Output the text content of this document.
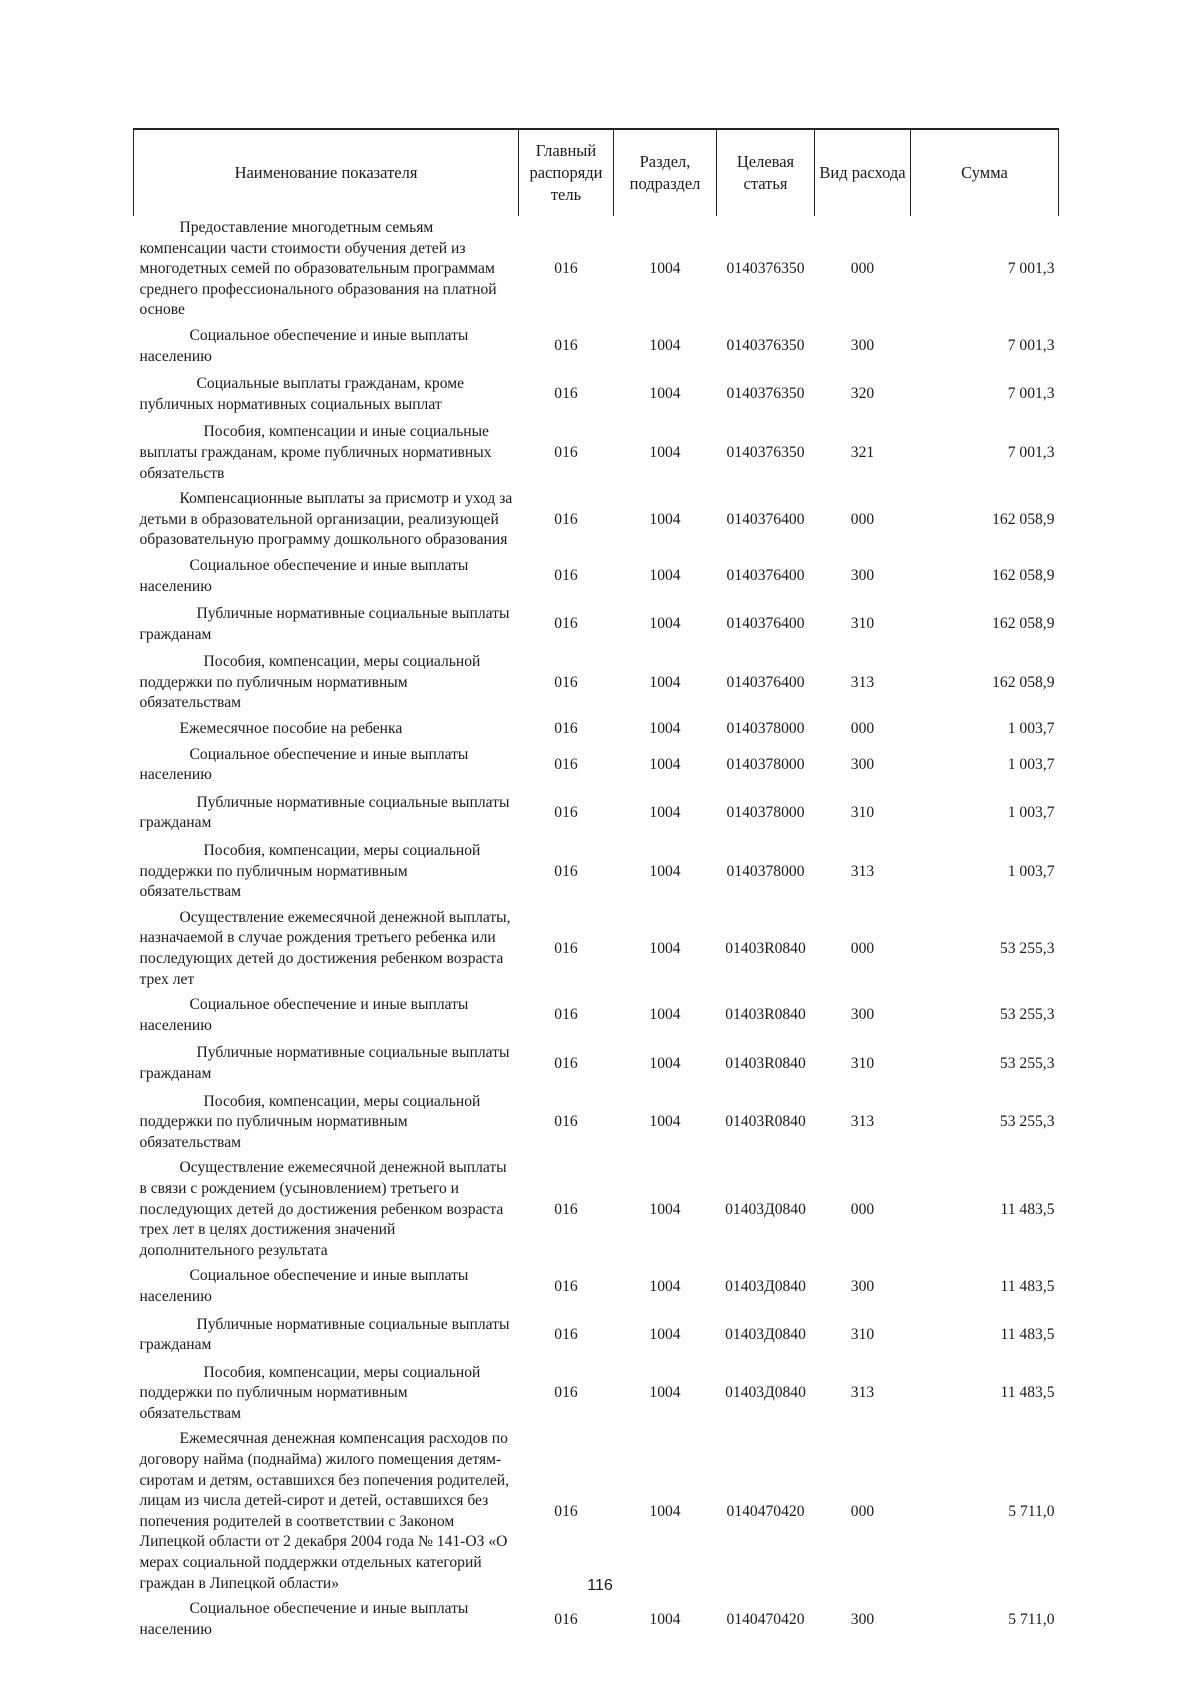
Наименование показателя	Главный распоряди тель	Раздел, подраздел	Целевая статья	Вид расхода	Сумма

Предоставление многодетным семьям компенсации части стоимости обучения детей из многодетных семей по образовательным программам среднего профессионального образования на платной основе	016	1004	0140376350	000	7 001,3

Социальное обеспечение и иные выплаты населению	016	1004	0140376350	300	7 001,3

Социальные выплаты гражданам, кроме публичных нормативных социальных выплат	016	1004	0140376350	320	7 001,3

Пособия, компенсации и иные социальные выплаты гражданам, кроме публичных нормативных обязательств	016	1004	0140376350	321	7 001,3

Компенсационные выплаты за присмотр и уход за детьми в образовательной организации, реализующей образовательную программу дошкольного образования	016	1004	0140376400	000	162 058,9

Социальное обеспечение и иные выплаты населению	016	1004	0140376400	300	162 058,9

Публичные нормативные социальные выплаты гражданам	016	1004	0140376400	310	162 058,9

Пособия, компенсации, меры социальной поддержки по публичным нормативным обязательствам	016	1004	0140376400	313	162 058,9

Ежемесячное пособие на ребенка	016	1004	0140378000	000	1 003,7

Социальное обеспечение и иные выплаты населению	016	1004	0140378000	300	1 003,7

Публичные нормативные социальные выплаты гражданам	016	1004	0140378000	310	1 003,7

Пособия, компенсации, меры социальной поддержки по публичным нормативным обязательствам	016	1004	0140378000	313	1 003,7

Осуществление ежемесячной денежной выплаты, назначаемой в случае рождения третьего ребенка или последующих детей до достижения ребенком возраста трех лет	016	1004	01403R0840	000	53 255,3

Социальное обеспечение и иные выплаты населению	016	1004	01403R0840	300	53 255,3

Публичные нормативные социальные выплаты гражданам	016	1004	01403R0840	310	53 255,3

Пособия, компенсации, меры социальной поддержки по публичным нормативным обязательствам	016	1004	01403R0840	313	53 255,3

Осуществление ежемесячной денежной выплаты в связи с рождением (усыновлением) третьего и последующих детей до достижения ребенком возраста трех лет в целях достижения значений дополнительного результата	016	1004	01403Д0840	000	11 483,5

Социальное обеспечение и иные выплаты населению	016	1004	01403Д0840	300	11 483,5

Публичные нормативные социальные выплаты гражданам	016	1004	01403Д0840	310	11 483,5

Пособия, компенсации, меры социальной поддержки по публичным нормативным обязательствам	016	1004	01403Д0840	313	11 483,5

Ежемесячная денежная компенсация расходов по договору найма (поднайма) жилого помещения детям-сиротам и детям, оставшихся без попечения родителей, лицам из числа детей-сирот и детей, оставшихся без попечения родителей в соответствии с Законом Липецкой области от 2 декабря 2004 года № 141-ОЗ «О мерах социальной поддержки отдельных категорий граждан в Липецкой области»	016	1004	0140470420	000	5 711,0

Социальное обеспечение и иные выплаты населению	016	1004	0140470420	300	5 711,0
116
